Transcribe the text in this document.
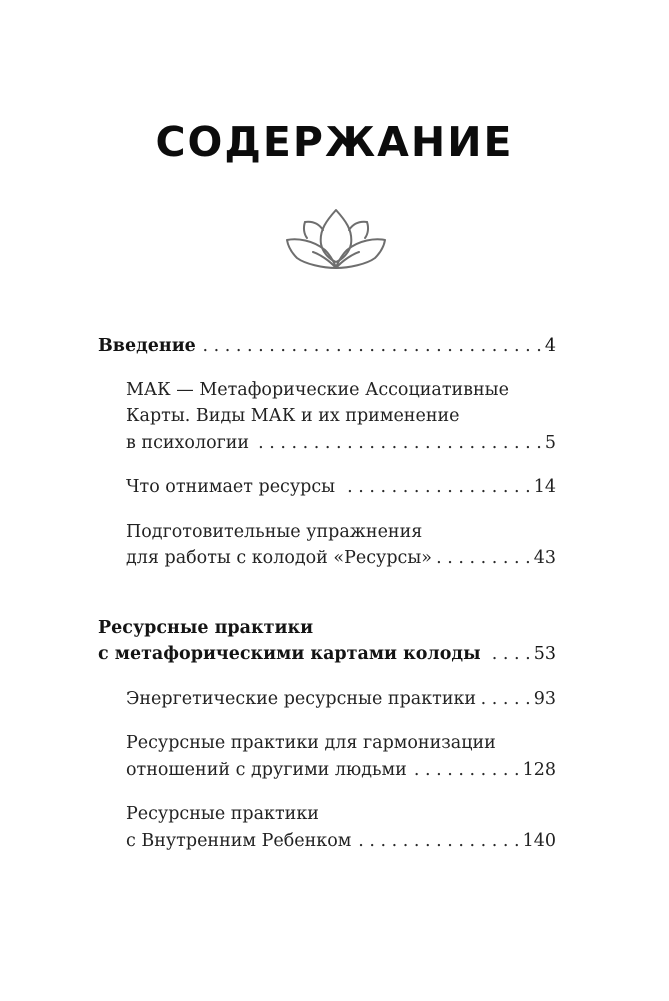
СОДЕРЖАНИЕ
Введение . . .	4
МАК — Метафорические Ассоциативные
Карты. Виды МАК и их применение
в психологии . . .	5
Что отнимает ресурсы . . .	14
Подготовительные упражнения
для работы с колодой «Ресурсы» . . .	43
Ресурсные практики
с метафорическими картами колоды . . .	53
Энергетические ресурсные практики . . .	93
Ресурсные практики для гармонизации
отношений с другими людьми . . .	128
Ресурсные практики
с Внутренним Ребенком . . .	140
